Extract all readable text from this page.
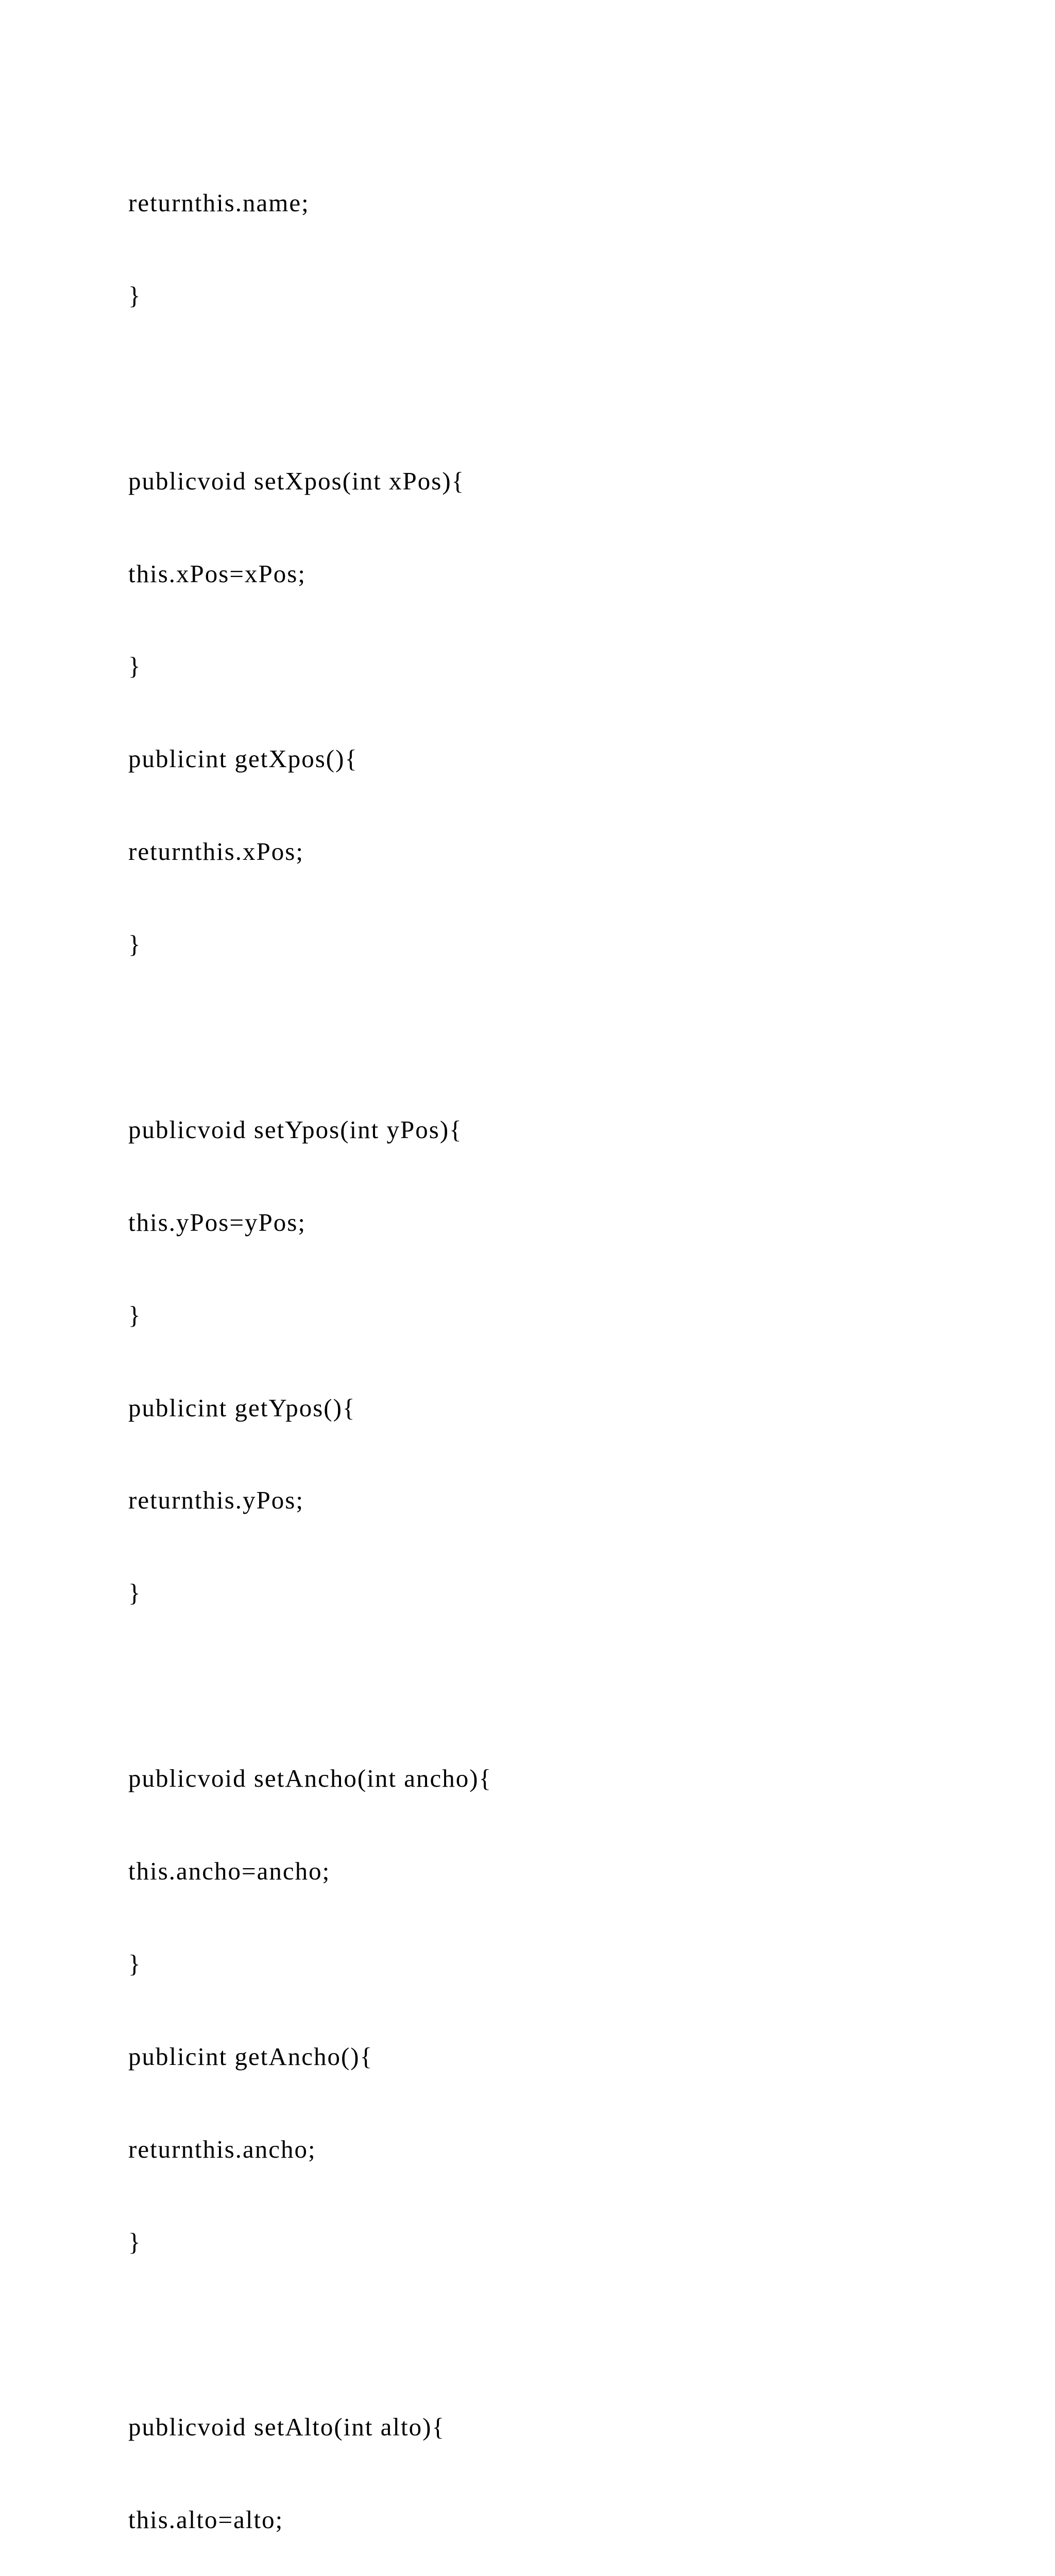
returnthis.name;

}

publicvoid setXpos(int xPos){

this.xPos=xPos;

}

publicint getXpos(){

returnthis.xPos;

}

publicvoid setYpos(int yPos){

this.yPos=yPos;

}

publicint getYpos(){

returnthis.yPos;

}

publicvoid setAncho(int ancho){

this.ancho=ancho;

}

publicint getAncho(){

returnthis.ancho;

}

publicvoid setAlto(int alto){

this.alto=alto;
